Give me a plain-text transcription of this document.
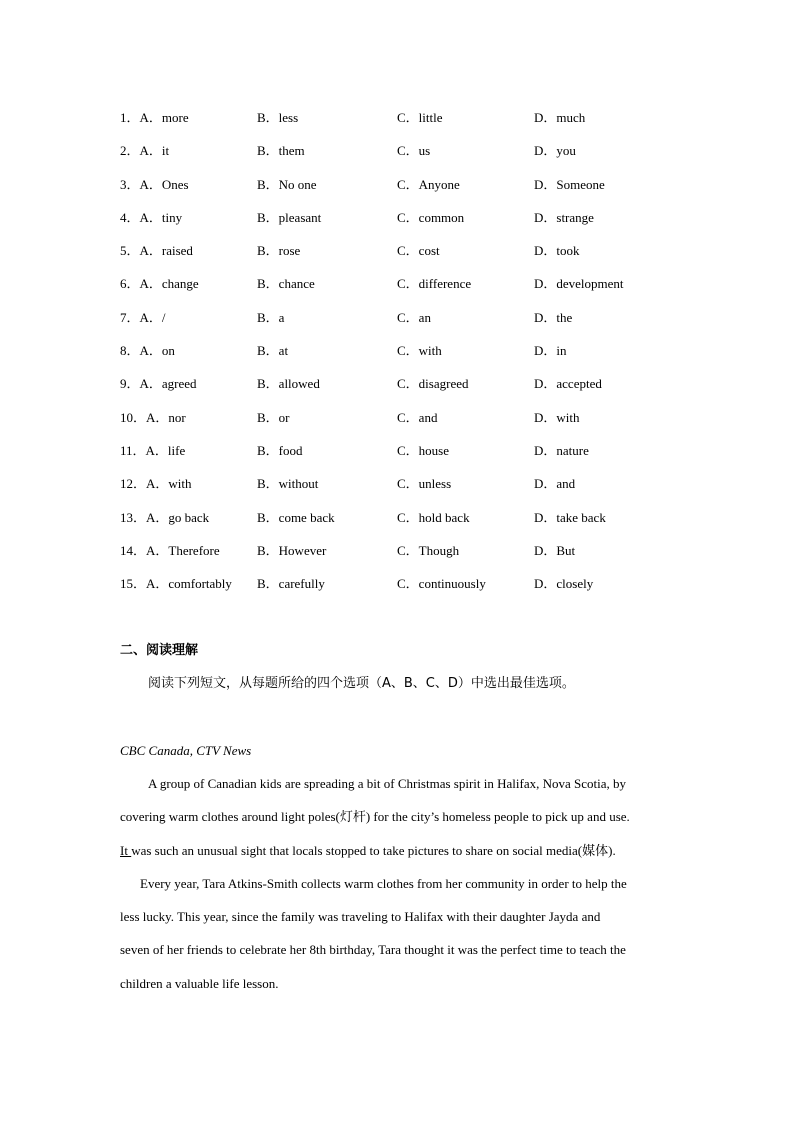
1．A．more	B．less	C．little	D．much
2．A．it	B．them	C．us	D．you
3．A．Ones	B．No one	C．Anyone	D．Someone
4．A．tiny	B．pleasant	C．common	D．strange
5．A．raised	B．rose	C．cost	D．took
6．A．change	B．chance	C．difference	D．development
7．A．/	B．a	C．an	D．the
8．A．on	B．at	C．with	D．in
9．A．agreed	B．allowed	C．disagreed	D．accepted
10．A．nor	B．or	C．and	D．with
11．A．life	B．food	C．house	D．nature
12．A．with	B．without	C．unless	D．and
13．A．go back	B．come back	C．hold back	D．take back
14．A．Therefore	B．However	C．Though	D．But
15．A．comfortably B．carefully	C．continuously	D．closely
二、阅读理解
阅读下列短文，从每题所给的四个选项（A、B、C、D）中选出最佳选项。
CBC Canada, CTV News
A group of Canadian kids are spreading a bit of Christmas spirit in Halifax, Nova Scotia, by
covering warm clothes around light poles(灯杆) for the city’s homeless people to pick up and use.
It was such an unusual sight that locals stopped to take pictures to share on social media(媒体).
Every year, Tara Atkins-Smith collects warm clothes from her community in order to help the
less lucky. This year, since the family was traveling to Halifax with their daughter Jayda and
seven of her friends to celebrate her 8th birthday, Tara thought it was the perfect time to teach the
children a valuable life lesson.
